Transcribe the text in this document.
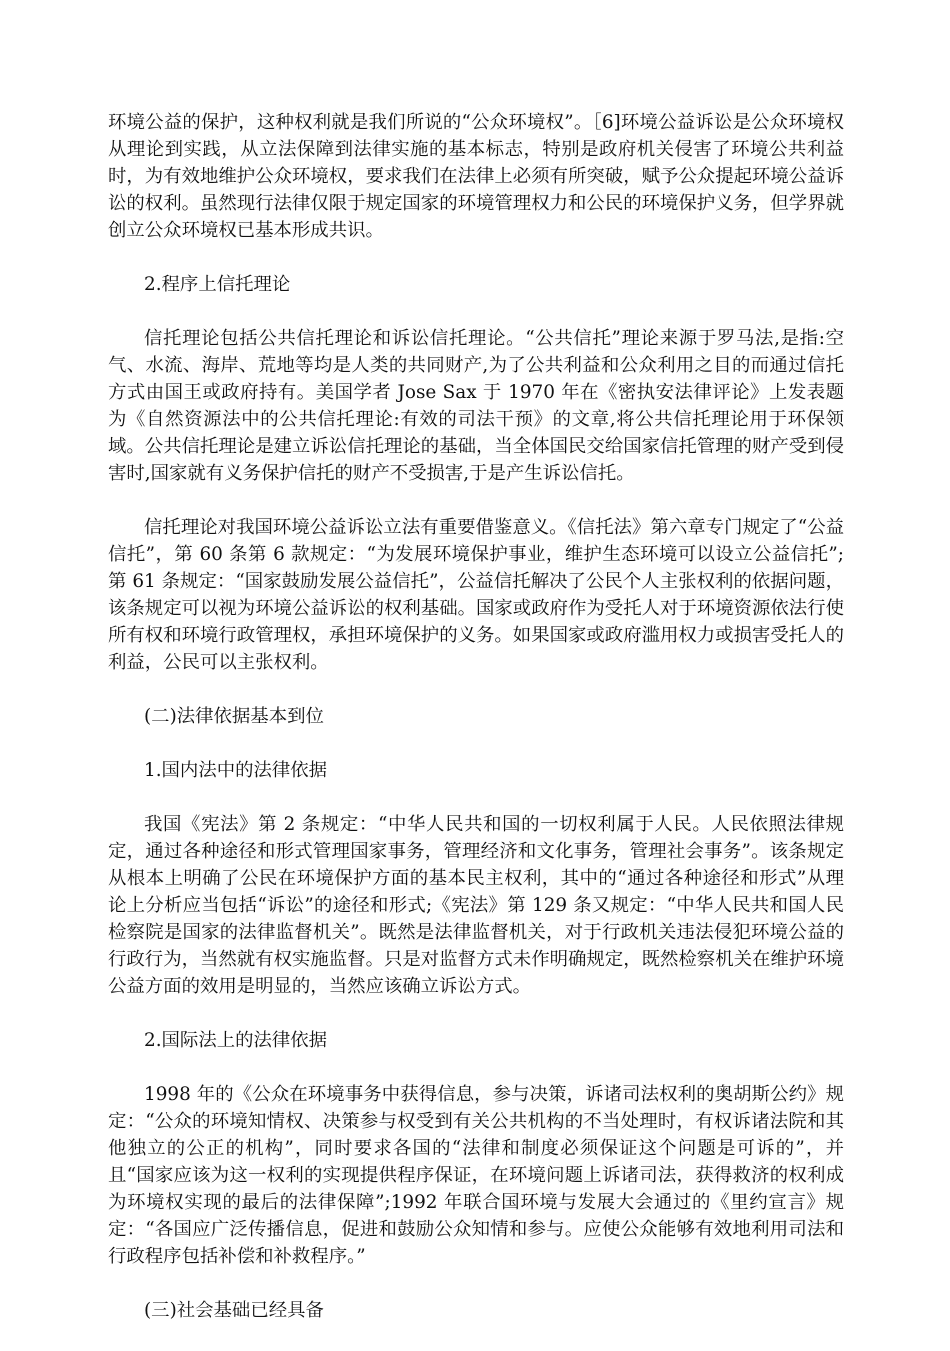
环境公益的保护，这种权利就是我们所说的“公众环境权”。［6]环境公益诉讼是公众环境权从理论到实践，从立法保障到法律实施的基本标志，特别是政府机关侵害了环境公共利益时，为有效地维护公众环境权，要求我们在法律上必须有所突破，赋予公众提起环境公益诉讼的权利。虽然现行法律仅限于规定国家的环境管理权力和公民的环境保护义务，但学界就创立公众环境权已基本形成共识。

2.程序上信托理论

信托理论包括公共信托理论和诉讼信托理论。“公共信托”理论来源于罗马法,是指:空气、水流、海岸、荒地等均是人类的共同财产,为了公共利益和公众利用之目的而通过信托方式由国王或政府持有。美国学者 Jose Sax 于 1970 年在《密执安法律评论》上发表题为《自然资源法中的公共信托理论:有效的司法干预》的文章,将公共信托理论用于环保领域。公共信托理论是建立诉讼信托理论的基础，当全体国民交给国家信托管理的财产受到侵害时,国家就有义务保护信托的财产不受损害,于是产生诉讼信托。

信托理论对我国环境公益诉讼立法有重要借鉴意义。《信托法》第六章专门规定了“公益信托”，第 60 条第 6 款规定：“为发展环境保护事业，维护生态环境可以设立公益信托”;第 61 条规定：“国家鼓励发展公益信托”，公益信托解决了公民个人主张权利的依据问题，该条规定可以视为环境公益诉讼的权利基础。国家或政府作为受托人对于环境资源依法行使所有权和环境行政管理权，承担环境保护的义务。如果国家或政府滥用权力或损害受托人的利益，公民可以主张权利。

(二)法律依据基本到位

1.国内法中的法律依据

我国《宪法》第 2 条规定：“中华人民共和国的一切权利属于人民。人民依照法律规定，通过各种途径和形式管理国家事务，管理经济和文化事务，管理社会事务”。该条规定从根本上明确了公民在环境保护方面的基本民主权利，其中的“通过各种途径和形式”从理论上分析应当包括“诉讼”的途径和形式;《宪法》第 129 条又规定：“中华人民共和国人民检察院是国家的法律监督机关”。既然是法律监督机关，对于行政机关违法侵犯环境公益的行政行为，当然就有权实施监督。只是对监督方式未作明确规定，既然检察机关在维护环境公益方面的效用是明显的，当然应该确立诉讼方式。

2.国际法上的法律依据

1998 年的《公众在环境事务中获得信息，参与决策，诉诸司法权利的奥胡斯公约》规定：“公众的环境知情权、决策参与权受到有关公共机构的不当处理时，有权诉诸法院和其他独立的公正的机构”，同时要求各国的“法律和制度必须保证这个问题是可诉的”，并且“国家应该为这一权利的实现提供程序保证，在环境问题上诉诸司法，获得救济的权利成为环境权实现的最后的法律保障”;1992 年联合国环境与发展大会通过的《里约宣言》规定：“各国应广泛传播信息，促进和鼓励公众知情和参与。应使公众能够有效地利用司法和行政程序包括补偿和补救程序。”

(三)社会基础已经具备
